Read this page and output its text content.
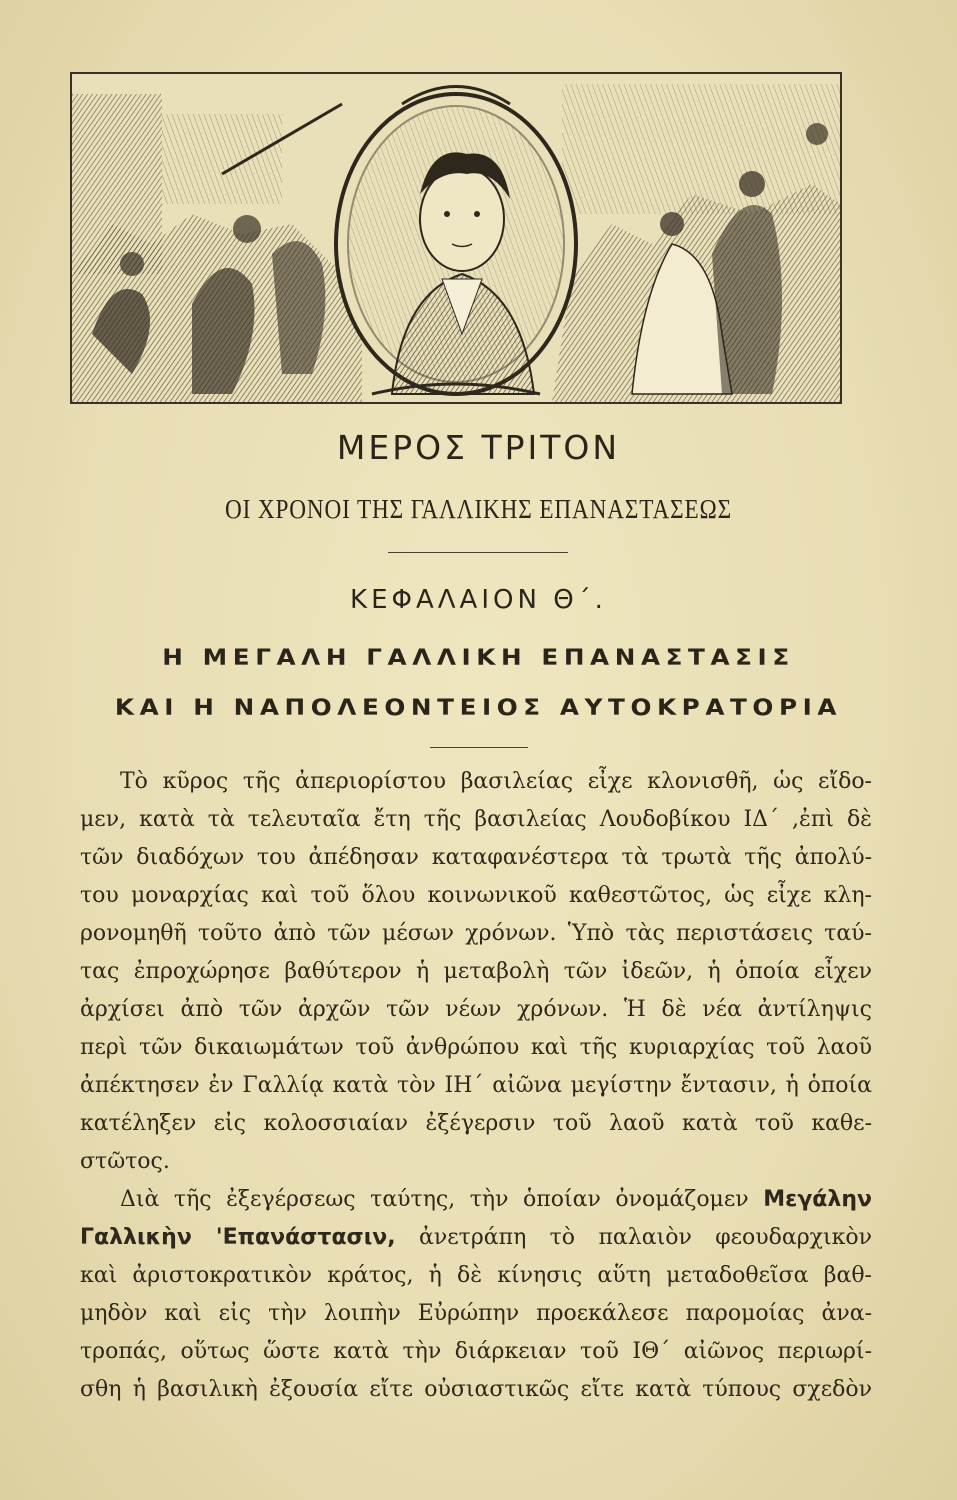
ΜΕΡΟΣ ΤΡΙΤΟΝ
ΟΙ ΧΡΟΝΟΙ ΤΗΣ ΓΑΛΛΙΚΗΣ ΕΠΑΝΑΣΤΑΣΕΩΣ
ΚΕΦΑΛΑΙΟΝ Θ΄.
Η ΜΕΓΑΛΗ ΓΑΛΛΙΚΗ ΕΠΑΝΑΣΤΑΣΙΣ
ΚΑΙ Η ΝΑΠΟΛΕΟΝΤΕΙΟΣ ΑΥΤΟΚΡΑΤΟΡΙΑ
Τὸ κῦρος τῆς ἀπεριορίστου βασιλείας εἶχε κλονισθῆ, ὡς εἴδο-
μεν, κατὰ τὰ τελευταῖα ἔτη τῆς βασιλείας Λουδοβίκου ΙΔ΄ ,ἐπὶ δὲ
τῶν διαδόχων του ἀπέδησαν καταφανέστερα τὰ τρωτὰ τῆς ἀπολύ-
του μοναρχίας καὶ τοῦ ὅλου κοινωνικοῦ καθεστῶτος, ὡς εἶχε κλη-
ρονομηθῆ τοῦτο ἀπὸ τῶν μέσων χρόνων. Ὑπὸ τὰς περιστάσεις ταύ-
τας ἐπροχώρησε βαθύτερον ἡ μεταβολὴ τῶν ἰδεῶν, ἡ ὁποία εἶχεν
ἀρχίσει ἀπὸ τῶν ἀρχῶν τῶν νέων χρόνων. Ἡ δὲ νέα ἀντίληψις
περὶ τῶν δικαιωμάτων τοῦ ἀνθρώπου καὶ τῆς κυριαρχίας τοῦ λαοῦ
ἀπέκτησεν ἐν Γαλλίᾳ κατὰ τὸν ΙΗ΄ αἰῶνα μεγίστην ἔντασιν, ἡ ὁποία
κατέληξεν εἰς κολοσσιαίαν ἐξέγερσιν τοῦ λαοῦ κατὰ τοῦ καθε-
στῶτος.
Διὰ τῆς ἐξεγέρσεως ταύτης, τὴν ὁποίαν ὀνομάζομεν Μεγάλην
Γαλλικὴν 'Επανάστασιν, ἀνετράπη τὸ παλαιὸν φεουδαρχικὸν
καὶ ἀριστοκρατικὸν κράτος, ἡ δὲ κίνησις αὕτη μεταδοθεῖσα βαθ-
μηδὸν καὶ εἰς τὴν λοιπὴν Εὐρώπην προεκάλεσε παρομοίας ἀνα-
τροπάς, οὕτως ὥστε κατὰ τὴν διάρκειαν τοῦ ΙΘ΄ αἰῶνος περιωρί-
σθη ἡ βασιλικὴ ἐξουσία εἴτε οὐσιαστικῶς εἴτε κατὰ τύπους σχεδὸν
